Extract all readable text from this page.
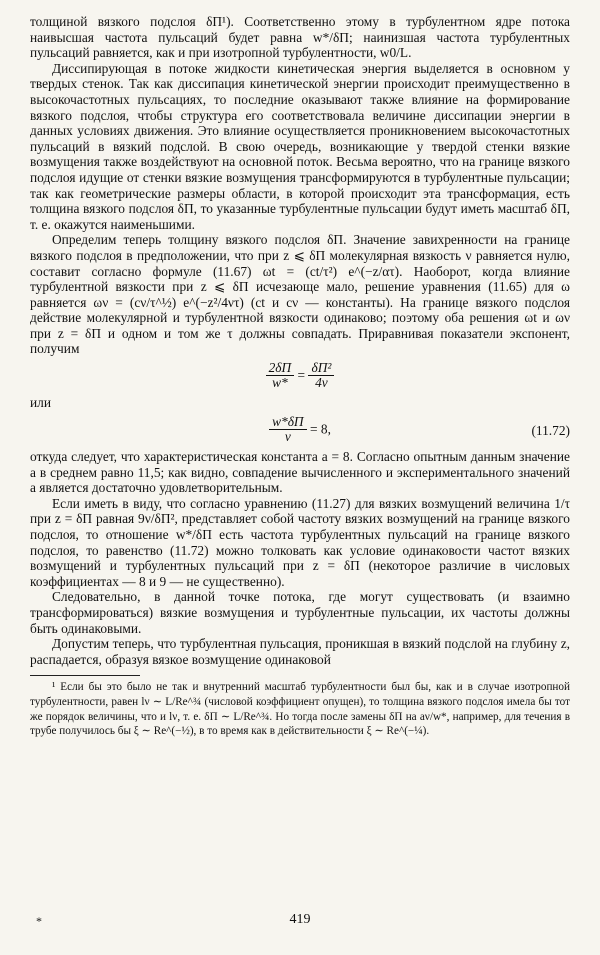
толщиной вязкого подслоя δП¹). Соответственно этому в турбулентном ядре потока наивысшая частота пульсаций будет равна w*/δП; наинизшая частота турбулентных пульсаций равняется, как и при изотропной турбулентности, w0/L.

Диссипирующая в потоке жидкости кинетическая энергия выделяется в основном у твердых стенок. Так как диссипация кинетической энергии происходит преимущественно в высокочастотных пульсациях, то последние оказывают также влияние на формирование вязкого подслоя, чтобы структура его соответствовала величине диссипации энергии в данных условиях движения. Это влияние осуществляется проникновением высокочастотных пульсаций в вязкий подслой. В свою очередь, возникающие у твердой стенки вязкие возмущения также воздействуют на основной поток. Весьма вероятно, что на границе вязкого подслоя идущие от стенки вязкие возмущения трансформируются в турбулентные пульсации; так как геометрические размеры области, в которой происходит эта трансформация, есть толщина вязкого подслоя δП, то указанные турбулентные пульсации будут иметь масштаб δП, т. е. окажутся наименьшими.

Определим теперь толщину вязкого подслоя δП. Значение завихренности на границе вязкого подслоя в предположении, что при z ⩽ δП молекулярная вязкость ν равняется нулю, составит согласно формуле (11.67) ωt = (ct/τ²) e^(−z/ατ). Наоборот, когда влияние турбулентной вязкости при z ⩽ δП исчезающе мало, решение уравнения (11.65) для ω равняется ων = (cν/τ^½) e^(−z²/4ντ) (ct и cν — константы). На границе вязкого подслоя действие молекулярной и турбулентной вязкости одинаково; поэтому оба решения ωt и ων при z = δП и одном и том же τ должны совпадать. Приравнивая показатели экспонент, получим

$\frac{2\delta П}{w*} = \frac{\text{δП²}}{4\nu}$
или
$\frac{w*\delta П}{\nu} = 8$,	(11.72)

откуда следует, что характеристическая константа a = 8. Согласно опытным данным значение a в среднем равно 11,5; как видно, совпадение вычисленного и экспериментального значений a является достаточно удовлетворительным.

Если иметь в виду, что согласно уравнению (11.27) для вязких возмущений величина 1/τ при z = δП равная 9ν/δП², представляет собой частоту вязких возмущений на границе вязкого подслоя, то отношение w*/δП есть частота турбулентных пульсаций на границе вязкого подслоя, то равенство (11.72) можно толковать как условие одинаковости частот вязких возмущений и турбулентных пульсаций при z = δП (некоторое различие в числовых коэффициентах — 8 и 9 — не существенно).

Следовательно, в данной точке потока, где могут существовать (и взаимно трансформироваться) вязкие возмущения и турбулентные пульсации, их частоты должны быть одинаковыми.

Допустим теперь, что турбулентная пульсация, проникшая в вязкий подслой на глубину z, распадается, образуя вязкое возмущение одинаковой

¹ Если бы это было не так и внутренний масштаб турбулентности был бы, как и в случае изотропной турбулентности, равен lν ∼ L/Re^¾ (числовой коэффициент опущен), то толщина вязкого подслоя имела бы тот же порядок величины, что и lν, т. е. δП ∼ L/Re^¾. Но тогда после замены δП на aν/w*, например, для течения в трубе получилось бы ξ ∼ Re^(−½), в то время как в действительности ξ ∼ Re^(−¼).

*	419
